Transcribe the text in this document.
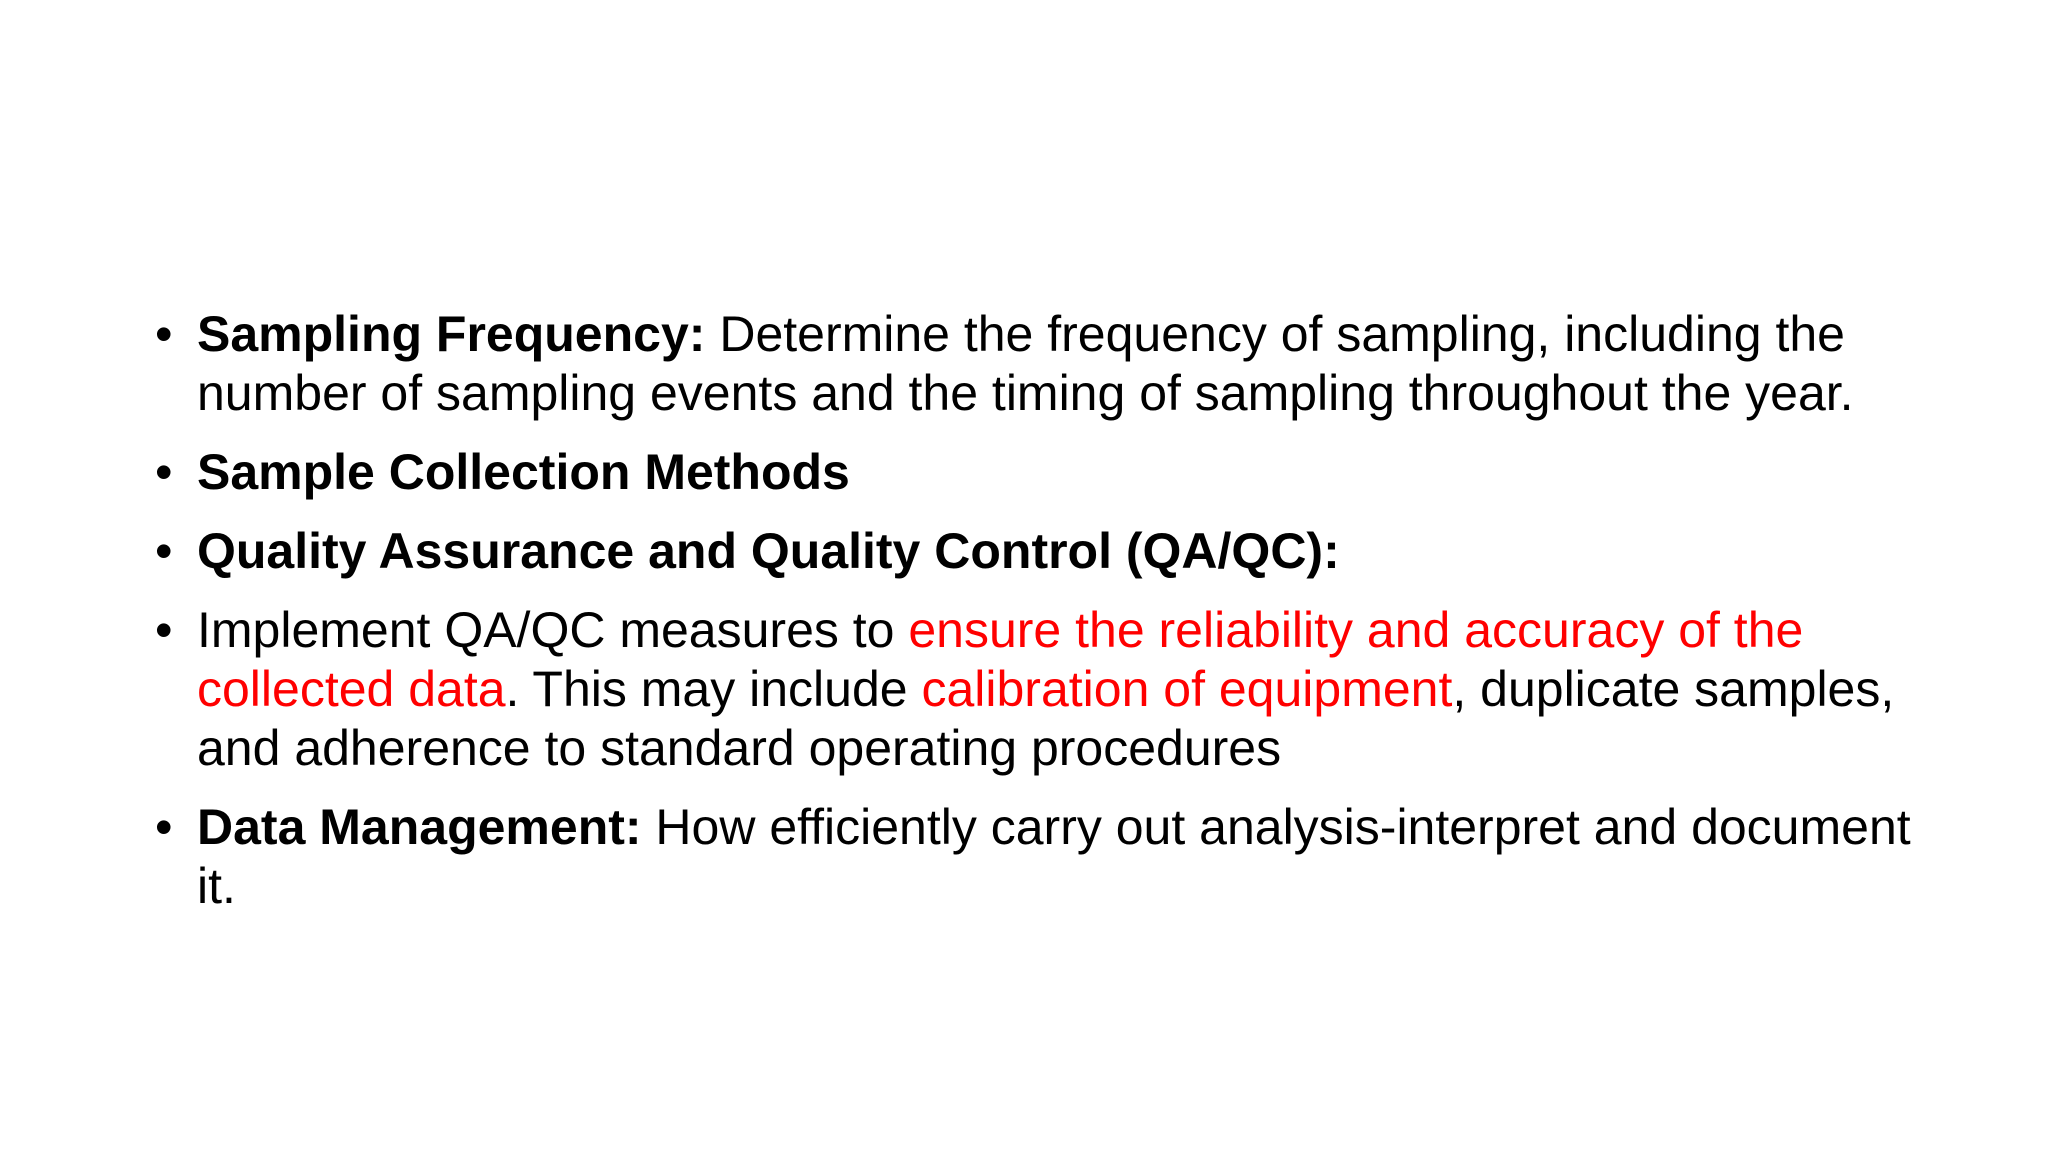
• Sampling Frequency: Determine the frequency of sampling, including the number of sampling events and the timing of sampling throughout the year.
• Sample Collection Methods
• Quality Assurance and Quality Control (QA/QC):
• Implement QA/QC measures to ensure the reliability and accuracy of the collected data. This may include calibration of equipment, duplicate samples, and adherence to standard operating procedures
• Data Management: How efficiently carry out analysis-interpret and document it.
